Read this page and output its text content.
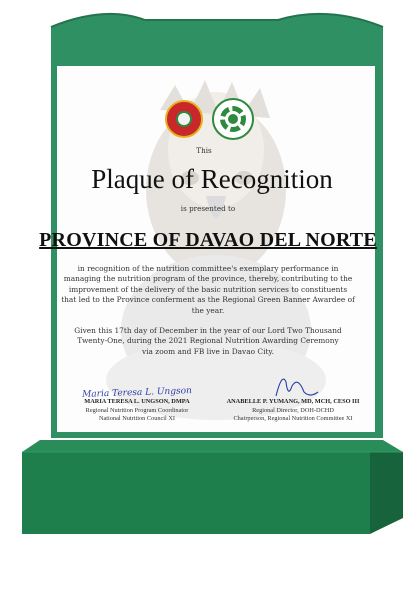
This
Plaque of Recognition
is presented to
PROVINCE OF DAVAO DEL NORTE
in recognition of the nutrition committee's exemplary performance in
managing the nutrition program of the province, thereby, contributing to the
improvement of the delivery of the basic nutrition services to constituents
that led to the Province conferment as the Regional Green Banner Awardee of
the year.
Given this 17th day of December in the year of our Lord Two Thousand
Twenty-One, during the 2021 Regional Nutrition Awarding Ceremony
via zoom and FB live in Davao City.
Maria Teresa L. Ungson
MARIA TERESA L. UNGSON, DMPA
Regional Nutrition Program Coordinator
National Nutrition Council XI
ANABELLE P. YUMANG, MD, MCH, CESO III
Regional Director, DOH-DCHD
Chairperson, Regional Nutrition Committee XI
